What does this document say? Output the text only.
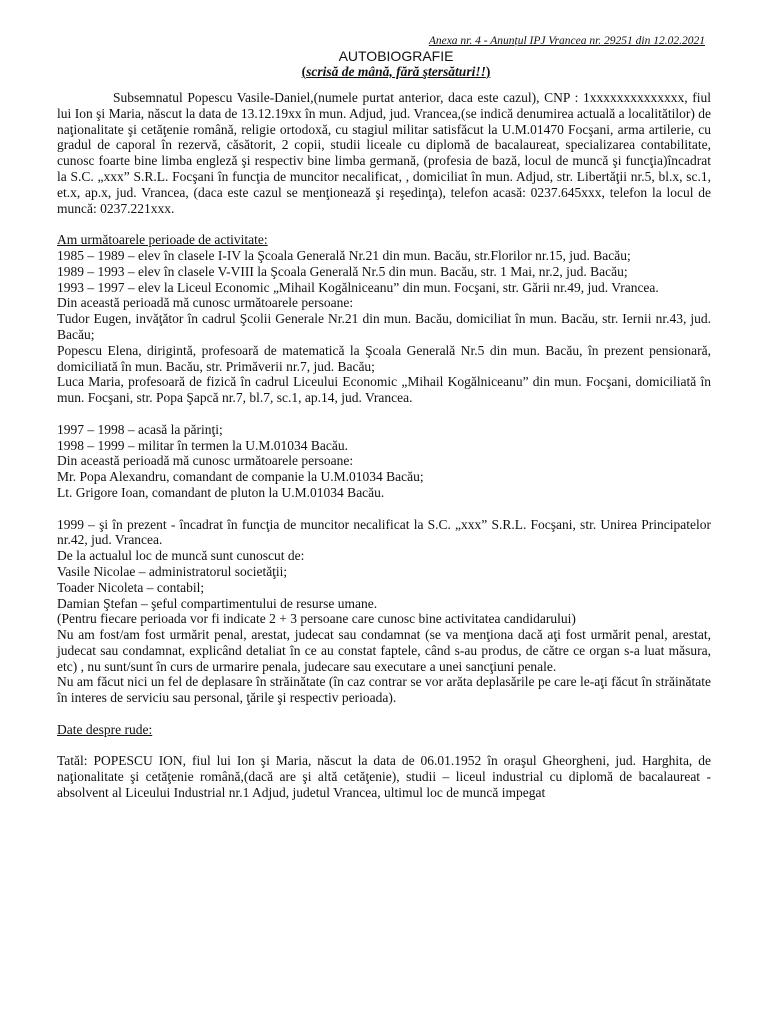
Anexa nr. 4 - Anunțul IPJ Vrancea nr. 29251 din 12.02.2021
AUTOBIOGRAFIE
(scrisă de mână, fără ştersături!!)

Subsemnatul Popescu Vasile-Daniel,(numele purtat anterior, daca este cazul), CNP : 1xxxxxxxxxxxxxx, fiul lui Ion şi Maria, născut la data de 13.12.19xx în mun. Adjud, jud. Vrancea,(se indică denumirea actuală a localitătilor) de naţionalitate şi cetăţenie română, religie ortodoxă, cu stagiul militar satisfăcut la U.M.01470 Focşani, arma artilerie, cu gradul de caporal în rezervă, căsătorit, 2 copii, studii liceale cu diplomă de bacalaureat, specializarea contabilitate, cunosc foarte bine limba engleză şi respectiv bine limba germană, (profesia de bază, locul de muncă şi funcţia)încadrat la S.C. „xxx” S.R.L. Focşani în funcţia de muncitor necalificat, , domiciliat în mun. Adjud, str. Libertăţii nr.5, bl.x, sc.1, et.x, ap.x, jud. Vrancea, (daca este cazul se menţionează şi reşedinţa), telefon acasă: 0237.645xxx, telefon la locul de muncă: 0237.221xxx.

Am următoarele perioade de activitate:

1985 – 1989 – elev în clasele I-IV la Şcoala Generală Nr.21 din mun. Bacău, str.Florilor nr.15, jud. Bacău;

1989 – 1993 – elev în clasele V-VIII la Şcoala Generală Nr.5 din mun. Bacău, str. 1 Mai, nr.2, jud. Bacău;

1993 – 1997 – elev la Liceul Economic „Mihail Kogălniceanu” din mun. Focşani, str. Gării nr.49, jud. Vrancea.

Din această perioadă mă cunosc următoarele persoane:

Tudor Eugen, invăţător în cadrul Şcolii Generale Nr.21 din mun. Bacău, domiciliat în mun. Bacău, str. Iernii nr.43, jud. Bacău;

Popescu Elena, dirigintă, profesoară de matematică la Şcoala Generală Nr.5 din mun. Bacău, în prezent pensionară, domiciliată în mun. Bacău, str. Primăverii nr.7, jud. Bacău;

Luca Maria, profesoară de fizică în cadrul Liceului Economic „Mihail Kogălniceanu” din mun. Focşani, domiciliată în mun. Focşani, str. Popa Şapcă nr.7, bl.7, sc.1, ap.14, jud. Vrancea.

1997 – 1998 – acasă la părinţi;

1998 – 1999 – militar în termen la U.M.01034 Bacău.

Din această perioadă mă cunosc următoarele persoane:

Mr. Popa Alexandru, comandant de companie la U.M.01034 Bacău;

Lt. Grigore Ioan, comandant de pluton la U.M.01034 Bacău.

1999 – şi în prezent - încadrat în funcţia de muncitor necalificat la S.C. „xxx” S.R.L. Focşani, str. Unirea Principatelor nr.42, jud. Vrancea.

De la actualul loc de muncă sunt cunoscut de:

Vasile Nicolae – administratorul societăţii;

Toader Nicoleta – contabil;

Damian Ştefan – şeful compartimentului de resurse umane.

(Pentru fiecare perioada vor fi indicate 2 + 3 persoane care cunosc bine activitatea candidarului)

Nu am fost/am fost urmărit penal, arestat, judecat sau condamnat (se va menţiona dacă aţi fost urmărit penal, arestat, judecat sau condamnat, explicând detaliat în ce au constat faptele, când s-au produs, de către ce organ s-a luat măsura, etc) , nu sunt/sunt în curs de urmarire penala, judecare sau executare a unei sancţiuni penale.

Nu am făcut nici un fel de deplasare în străinătate (în caz contrar se vor arăta deplasările pe care le-aţi făcut în străinătate în interes de serviciu sau personal, ţările şi respectiv perioada).

Date despre rude:

Tatăl: POPESCU ION, fiul lui Ion şi Maria, născut la data de 06.01.1952 în oraşul Gheorgheni, jud. Harghita, de naţionalitate şi cetăţenie română,(dacă are şi altă cetăţenie), studii – liceul industrial cu diplomă de bacalaureat - absolvent al Liceului Industrial nr.1 Adjud, judetul Vrancea, ultimul loc de muncă impegat
